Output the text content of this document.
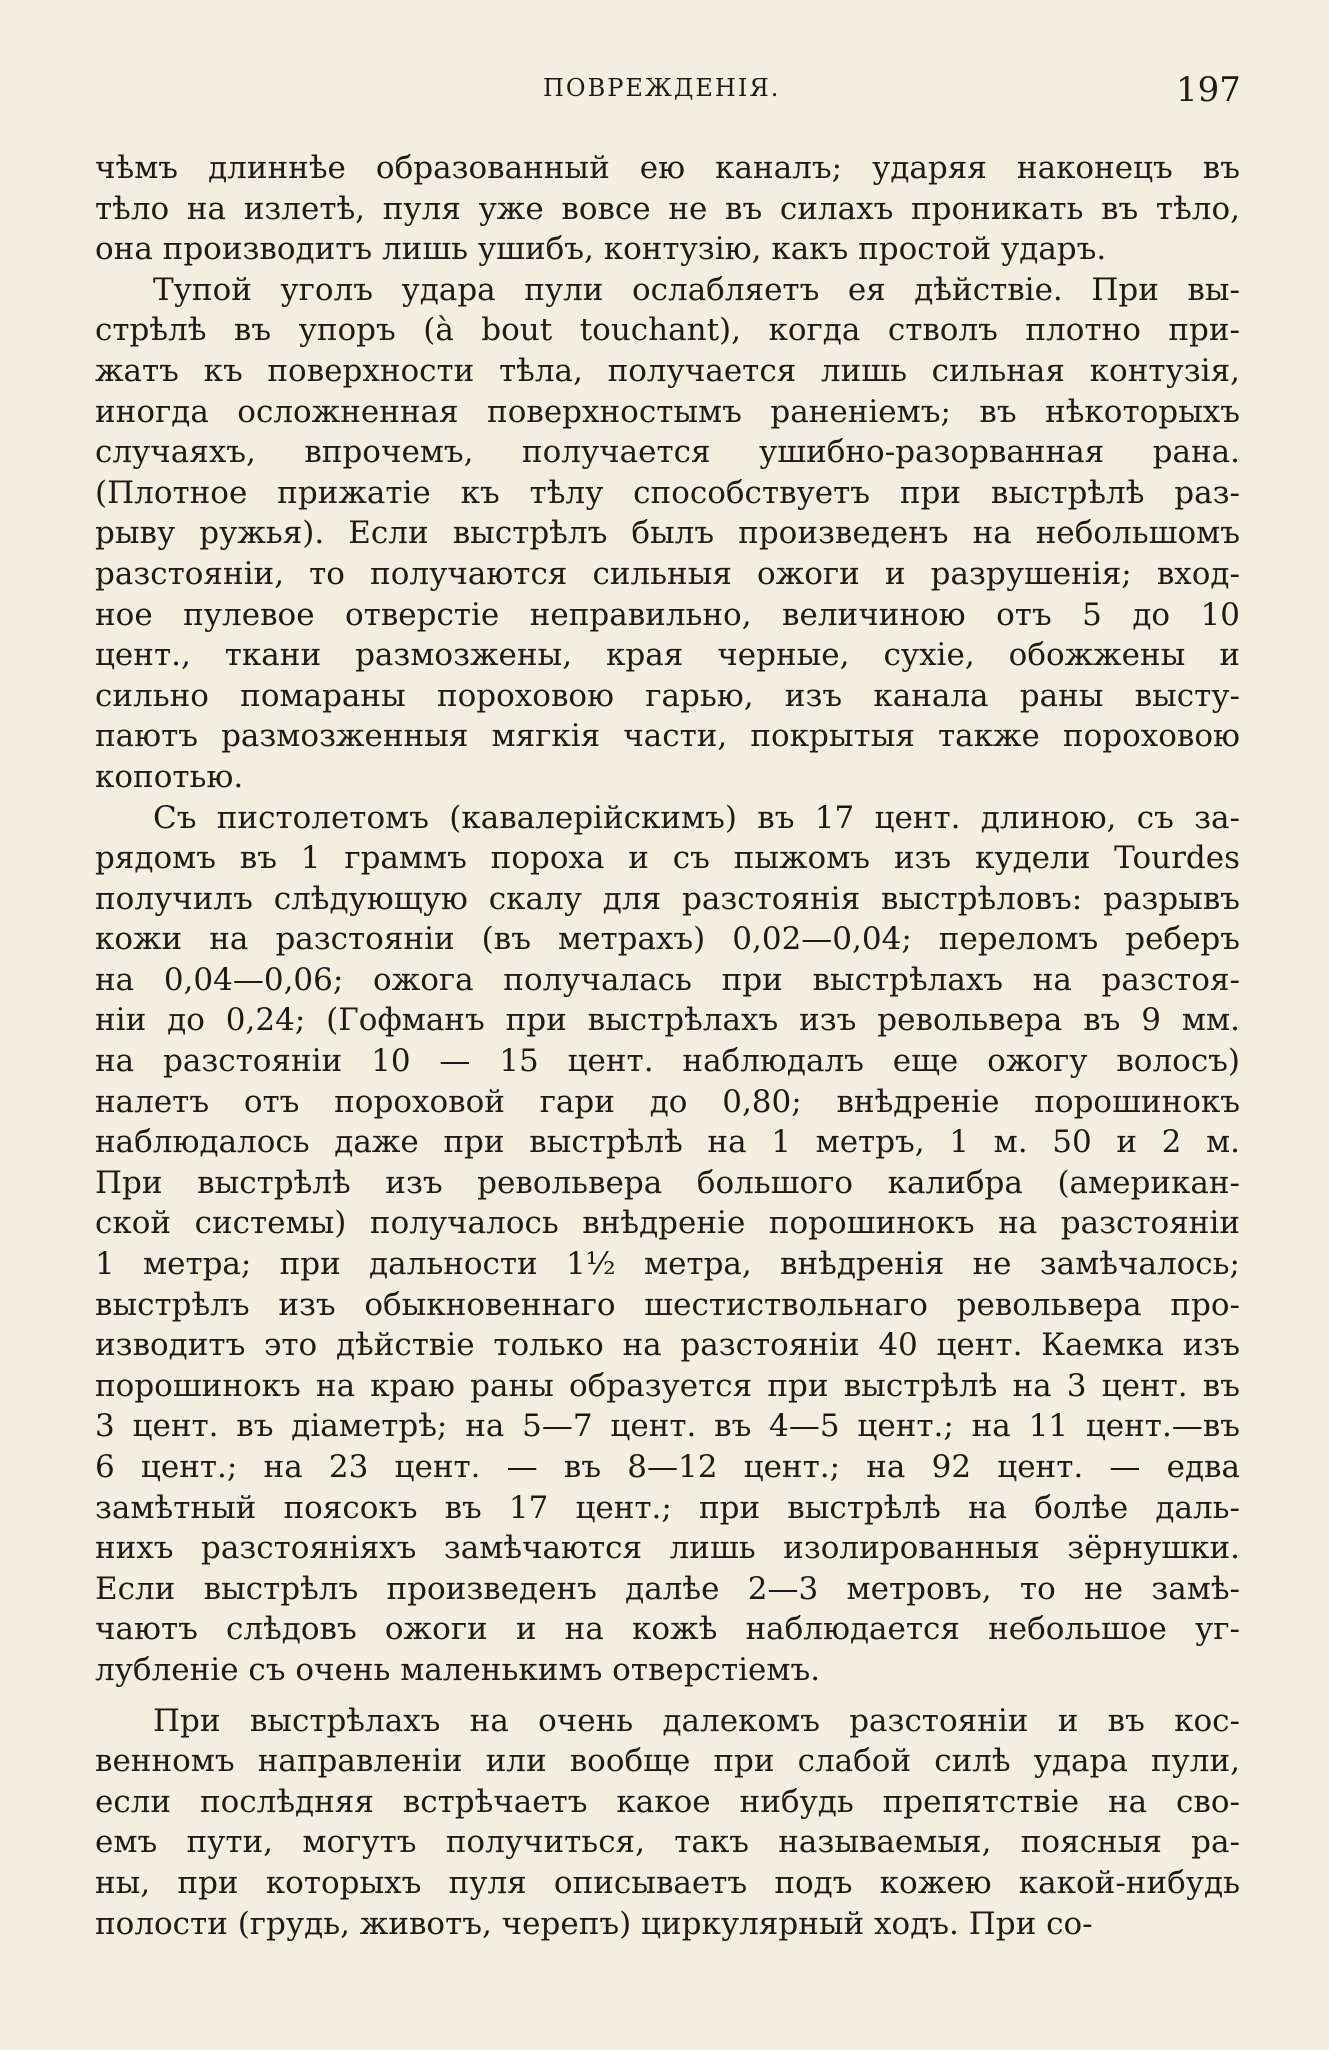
ПОВРЕЖДЕНІЯ.	197
чѣмъ длиннѣе образованный ею каналъ; ударяя наконецъ въ
тѣло на излетѣ, пуля уже вовсе не въ силахъ проникать въ тѣло,
она производитъ лишь ушибъ, контузію, какъ простой ударъ.
Тупой уголъ удара пули ослабляетъ ея дѣйствіе. При вы-
стрѣлѣ въ упоръ (à bout touchant), когда стволъ плотно при-
жатъ къ поверхности тѣла, получается лишь сильная контузія,
иногда осложненная поверхностымъ раненіемъ; въ нѣкоторыхъ
случаяхъ, впрочемъ, получается ушибно-разорванная рана.
(Плотное прижатіе къ тѣлу способствуетъ при выстрѣлѣ раз-
рыву ружья). Если выстрѣлъ былъ произведенъ на небольшомъ
разстояніи, то получаются сильныя ожоги и разрушенія; вход-
ное пулевое отверстіе неправильно, величиною отъ 5 до 10
цент., ткани размозжены, края черные, сухіе, обожжены и
сильно помараны пороховою гарью, изъ канала раны высту-
паютъ размозженныя мягкія части, покрытыя также пороховою
копотью.
Съ пистолетомъ (кавалерійскимъ) въ 17 цент. длиною, съ за-
рядомъ въ 1 граммъ пороха и съ пыжомъ изъ кудели Tourdes
получилъ слѣдующую скалу для разстоянія выстрѣловъ: разрывъ
кожи на разстояніи (въ метрахъ) 0,02—0,04; переломъ реберъ
на 0,04—0,06; ожога получалась при выстрѣлахъ на разстоя-
ніи до 0,24; (Гофманъ при выстрѣлахъ изъ револьвера въ 9 мм.
на разстояніи 10 — 15 цент. наблюдалъ еще ожогу волосъ)
налетъ отъ пороховой гари до 0,80; внѣдреніе порошинокъ
наблюдалось даже при выстрѣлѣ на 1 метръ, 1 м. 50 и 2 м.
При выстрѣлѣ изъ револьвера большого калибра (американ-
ской системы) получалось внѣдреніе порошинокъ на разстояніи
1 метра; при дальности 1½ метра, внѣдренія не замѣчалось;
выстрѣлъ изъ обыкновеннаго шестиствольнаго револьвера про-
изводитъ это дѣйствіе только на разстояніи 40 цент. Каемка изъ
порошинокъ на краю раны образуется при выстрѣлѣ на 3 цент. въ
3 цент. въ діаметрѣ; на 5—7 цент. въ 4—5 цент.; на 11 цент.—въ
6 цент.; на 23 цент. — въ 8—12 цент.; на 92 цент. — едва
замѣтный поясокъ въ 17 цент.; при выстрѣлѣ на болѣе даль-
нихъ разстояніяхъ замѣчаются лишь изолированныя зёрнушки.
Если выстрѣлъ произведенъ далѣе 2—3 метровъ, то не замѣ-
чаютъ слѣдовъ ожоги и на кожѣ наблюдается небольшое уг-
лубленіе съ очень маленькимъ отверстіемъ.
При выстрѣлахъ на очень далекомъ разстояніи и въ кос-
венномъ направленіи или вообще при слабой силѣ удара пули,
если послѣдняя встрѣчаетъ какое нибудь препятствіе на сво-
емъ пути, могутъ получиться, такъ называемыя, поясныя ра-
ны, при которыхъ пуля описываетъ подъ кожею какой-нибудь
полости (грудь, животъ, черепъ) циркулярный ходъ. При со-
